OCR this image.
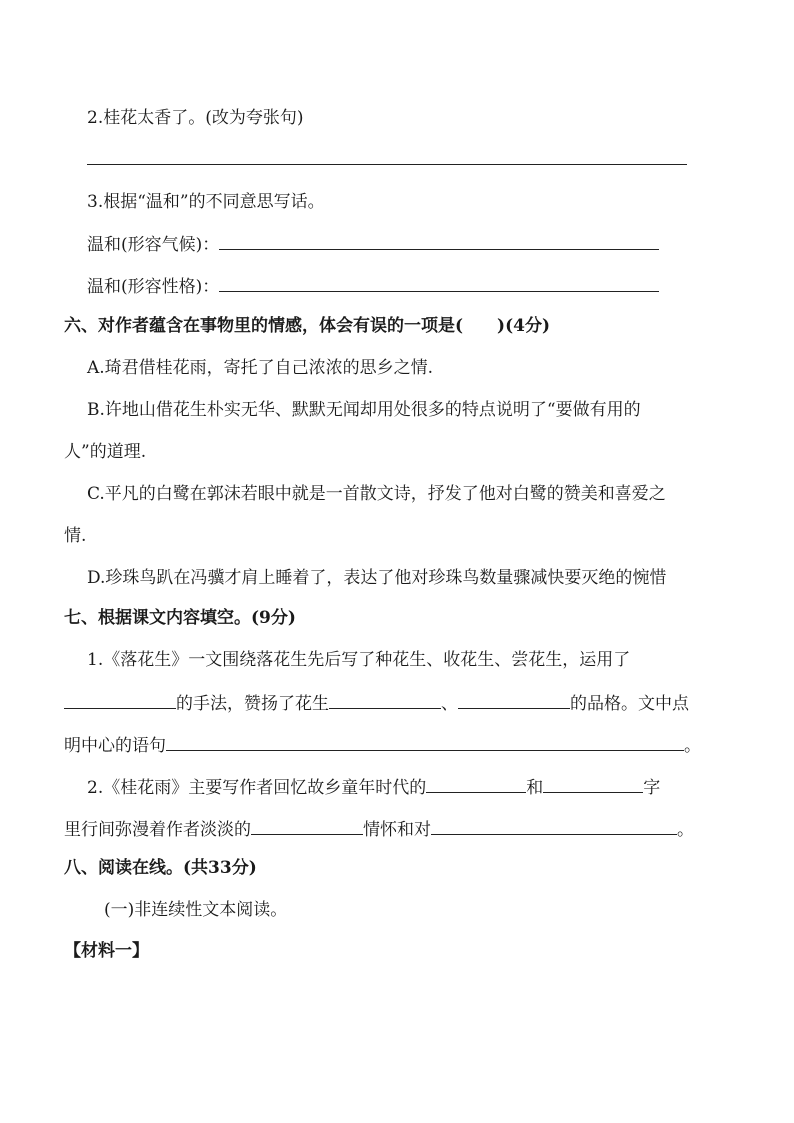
2.桂花太香了。(改为夸张句)
3.根据“温和”的不同意思写话。
温和(形容气候)：
温和(形容性格)：
六、对作者蕴含在事物里的情感，体会有误的一项是(　　)(4分)
A.琦君借桂花雨，寄托了自己浓浓的思乡之情.
B.许地山借花生朴实无华、默默无闻却用处很多的特点说明了“要做有用的
人”的道理.
C.平凡的白鹭在郭沫若眼中就是一首散文诗，抒发了他对白鹭的赞美和喜爱之
情.
D.珍珠鸟趴在冯骥才肩上睡着了，表达了他对珍珠鸟数量骤减快要灭绝的惋惜
七、根据课文内容填空。(9分)
1.《落花生》一文围绕落花生先后写了种花生、收花生、尝花生，运用了
的手法，赞扬了花生	、	的品格。文中点
明中心的语句	。
2.《桂花雨》主要写作者回忆故乡童年时代的	和	字
里行间弥漫着作者淡淡的	情怀和对	。
八、阅读在线。(共33分)
(一)非连续性文本阅读。
【材料一】
